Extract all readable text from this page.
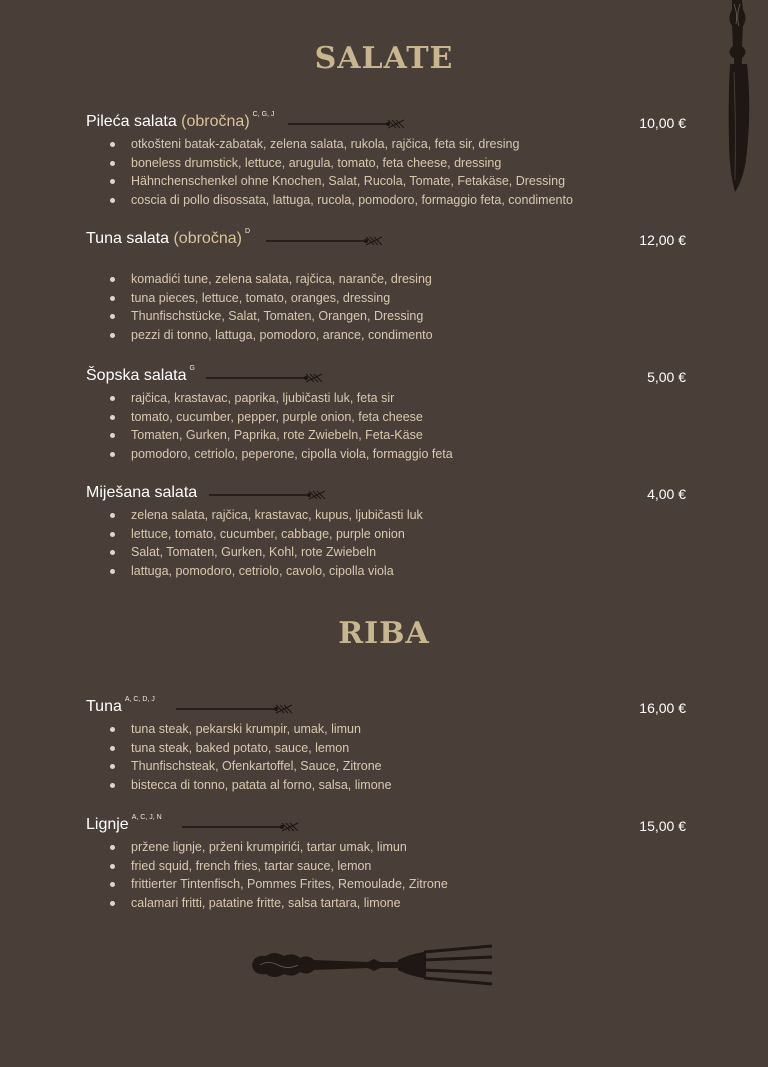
SALATE
Pileća salata (obročna) $^{C, G, J}$
10,00 €
otkošteni batak-zabatak, zelena salata, rukola, rajčica, feta sir, dresing
boneless drumstick, lettuce, arugula, tomato, feta cheese, dressing
Hähnchenschenkel ohne Knochen, Salat, Rucola, Tomate, Fetakäse, Dressing
coscia di pollo disossata, lattuga, rucola, pomodoro, formaggio feta, condimento
Tuna salata (obročna) $^D$
12,00 €
komadići tune, zelena salata, rajčica, naranče, dresing
tuna pieces, lettuce, tomato, oranges, dressing
Thunfischstücke, Salat, Tomaten, Orangen, Dressing
pezzi di tonno, lattuga, pomodoro, arance, condimento
Šopska salata $^G$
5,00 €
rajčica, krastavac, paprika, ljubičasti luk, feta sir
tomato, cucumber, pepper, purple onion, feta cheese
Tomaten, Gurken, Paprika, rote Zwiebeln, Feta-Käse
pomodoro, cetriolo, peperone, cipolla viola, formaggio feta
Miješana salata	4,00 €
zelena salata, rajčica, krastavac, kupus, ljubičasti luk
lettuce, tomato, cucumber, cabbage, purple onion
Salat, Tomaten, Gurken, Kohl, rote Zwiebeln
lattuga, pomodoro, cetriolo, cavolo, cipolla viola
RIBA
Tuna $^{A, C, D, J}$
16,00 €
tuna steak, pekarski krumpir, umak, limun
tuna steak, baked potato, sauce, lemon
Thunfischsteak, Ofenkartoffel, Sauce, Zitrone
bistecca di tonno, patata al forno, salsa, limone
Lignje $^{A, C, J, N}$
15,00 €
pržene lignje, prženi krumpirići, tartar umak, limun
fried squid, french fries, tartar sauce, lemon
frittierter Tintenfisch, Pommes Frites, Remoulade, Zitrone
calamari fritti, patatine fritte, salsa tartara, limone
